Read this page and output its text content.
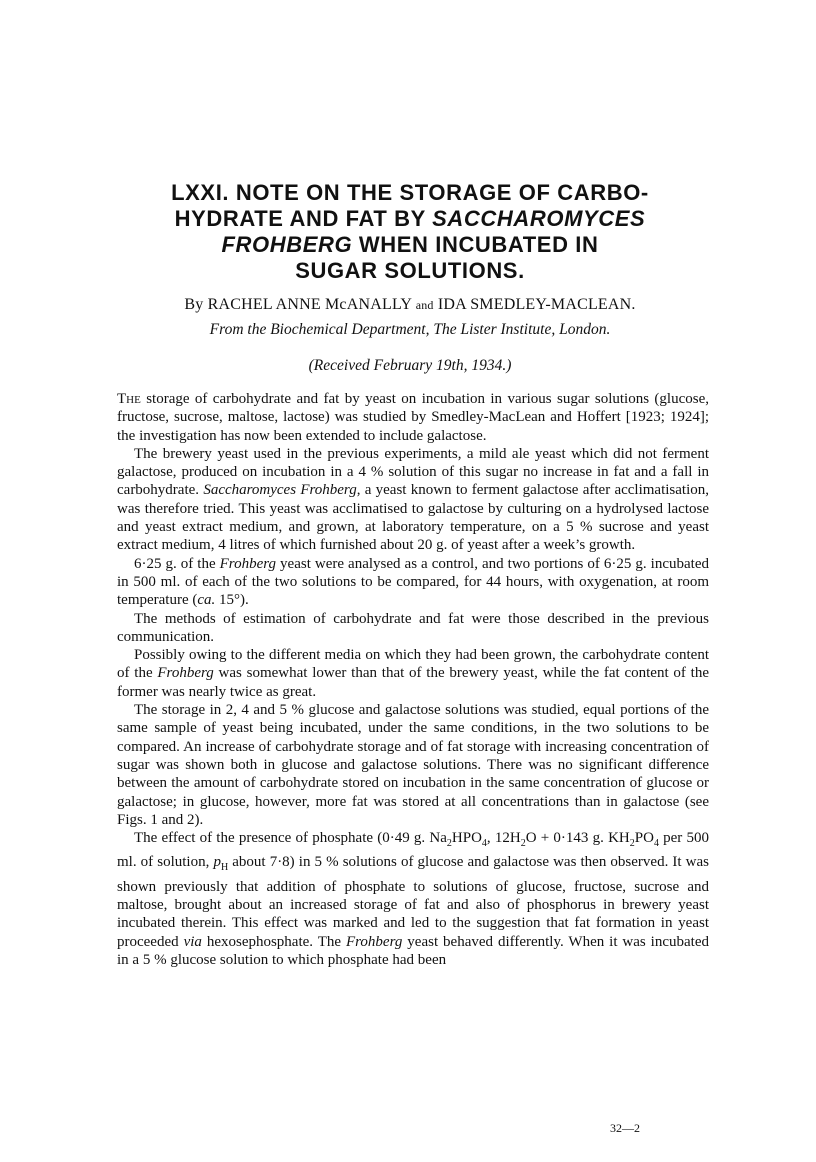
LXXI. NOTE ON THE STORAGE OF CARBO-
HYDRATE AND FAT BY SACCHAROMYCES
FROHBERG WHEN INCUBATED IN
SUGAR SOLUTIONS.
By RACHEL ANNE McANALLY and IDA SMEDLEY-MACLEAN.
From the Biochemical Department, The Lister Institute, London.
(Received February 19th, 1934.)

The storage of carbohydrate and fat by yeast on incubation in various sugar solutions (glucose, fructose, sucrose, maltose, lactose) was studied by Smedley-MacLean and Hoffert [1923; 1924]; the investigation has now been extended to include galactose.

The brewery yeast used in the previous experiments, a mild ale yeast which did not ferment galactose, produced on incubation in a 4 % solution of this sugar no increase in fat and a fall in carbohydrate. Saccharomyces Frohberg, a yeast known to ferment galactose after acclimatisation, was therefore tried. This yeast was acclimatised to galactose by culturing on a hydrolysed lactose and yeast extract medium, and grown, at laboratory temperature, on a 5 % sucrose and yeast extract medium, 4 litres of which furnished about 20 g. of yeast after a week’s growth.

6·25 g. of the Frohberg yeast were analysed as a control, and two portions of 6·25 g. incubated in 500 ml. of each of the two solutions to be compared, for 44 hours, with oxygenation, at room temperature (ca. 15°).

The methods of estimation of carbohydrate and fat were those described in the previous communication.

Possibly owing to the different media on which they had been grown, the carbohydrate content of the Frohberg was somewhat lower than that of the brewery yeast, while the fat content of the former was nearly twice as great.

The storage in 2, 4 and 5 % glucose and galactose solutions was studied, equal portions of the same sample of yeast being incubated, under the same conditions, in the two solutions to be compared. An increase of carbohydrate storage and of fat storage with increasing concentration of sugar was shown both in glucose and galactose solutions. There was no significant difference between the amount of carbohydrate stored on incubation in the same concentration of glucose or galactose; in glucose, however, more fat was stored at all concentrations than in galactose (see Figs. 1 and 2).

The effect of the presence of phosphate (0·49 g. $Na_2HPO_4$, $12H_2O + 0\cdot 143$ g. $KH_2PO_4$ per 500 ml. of solution, $p_H$ about 7·8) in 5 % solutions of glucose and galactose was then observed. It was shown previously that addition of phosphate to solutions of glucose, fructose, sucrose and maltose, brought about an increased storage of fat and also of phosphorus in brewery yeast incubated therein. This effect was marked and led to the suggestion that fat formation in yeast proceeded via hexosephosphate. The Frohberg yeast behaved differently. When it was incubated in a 5 % glucose solution to which phosphate had been

32—2
